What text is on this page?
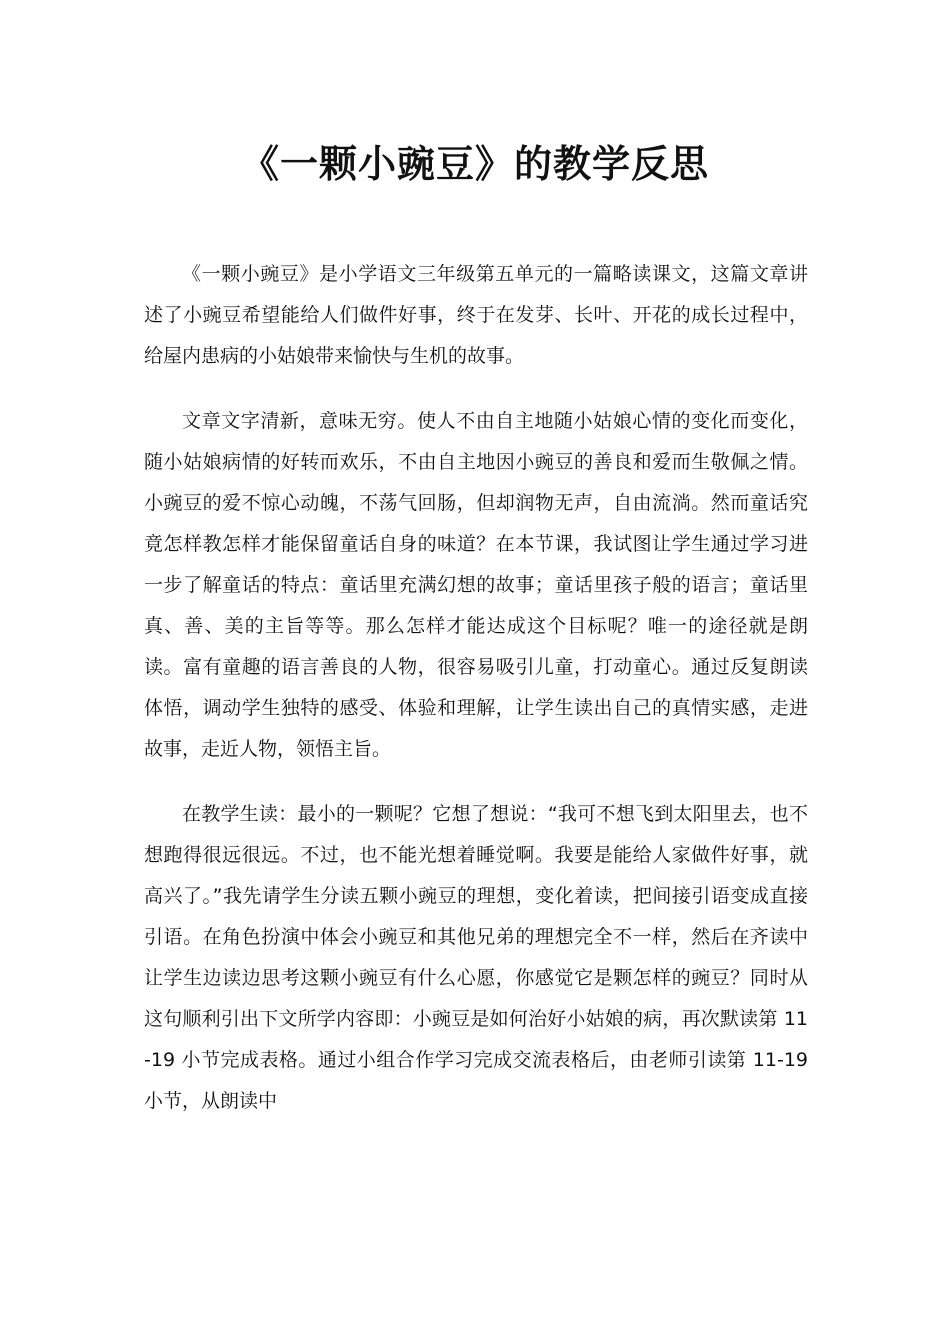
《一颗小豌豆》的教学反思

《一颗小豌豆》是小学语文三年级第五单元的一篇略读课文，这篇文章讲述了小豌豆希望能给人们做件好事，终于在发芽、长叶、开花的成长过程中，给屋内患病的小姑娘带来愉快与生机的故事。

文章文字清新，意味无穷。使人不由自主地随小姑娘心情的变化而变化，随小姑娘病情的好转而欢乐，不由自主地因小豌豆的善良和爱而生敬佩之情。小豌豆的爱不惊心动魄，不荡气回肠，但却润物无声，自由流淌。然而童话究竟怎样教怎样才能保留童话自身的味道？在本节课，我试图让学生通过学习进一步了解童话的特点：童话里充满幻想的故事；童话里孩子般的语言；童话里真、善、美的主旨等等。那么怎样才能达成这个目标呢？唯一的途径就是朗读。富有童趣的语言善良的人物，很容易吸引儿童，打动童心。通过反复朗读体悟，调动学生独特的感受、体验和理解，让学生读出自己的真情实感，走进故事，走近人物，领悟主旨。

在教学生读：最小的一颗呢？它想了想说：“我可不想飞到太阳里去，也不想跑得很远很远。不过，也不能光想着睡觉啊。我要是能给人家做件好事，就高兴了。”我先请学生分读五颗小豌豆的理想，变化着读，把间接引语变成直接引语。在角色扮演中体会小豌豆和其他兄弟的理想完全不一样，然后在齐读中让学生边读边思考这颗小豌豆有什么心愿，你感觉它是颗怎样的豌豆？同时从这句顺利引出下文所学内容即：小豌豆是如何治好小姑娘的病，再次默读第 11-19 小节完成表格。通过小组合作学习完成交流表格后，由老师引读第 11-19 小节，从朗读中
